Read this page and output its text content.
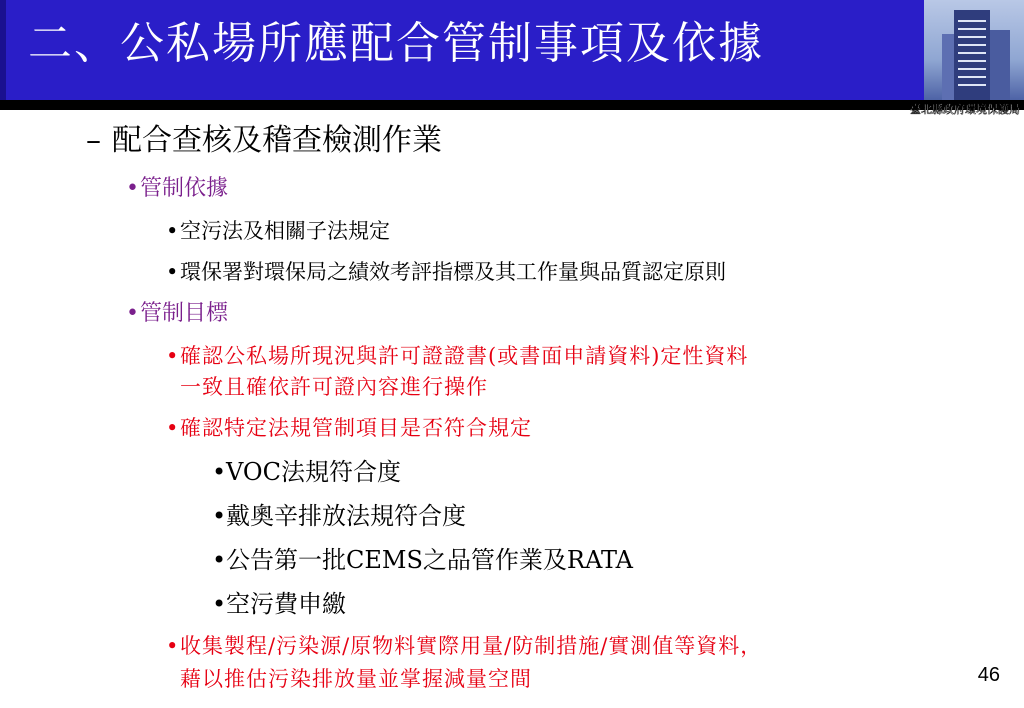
二、公私場所應配合管制事項及依據
臺北縣政府環境保護局
– 配合查核及稽查檢測作業
•管制依據
•空污法及相關子法規定
•環保署對環保局之績效考評指標及其工作量與品質認定原則
•管制目標
•確認公私場所現況與許可證證書(或書面申請資料)定性資料
一致且確依許可證內容進行操作
•確認特定法規管制項目是否符合規定
•VOC法規符合度
•戴奧辛排放法規符合度
•公告第一批CEMS之品管作業及RATA
•空污費申繳
•收集製程/污染源/原物料實際用量/防制措施/實測值等資料，
藉以推估污染排放量並掌握減量空間	46
